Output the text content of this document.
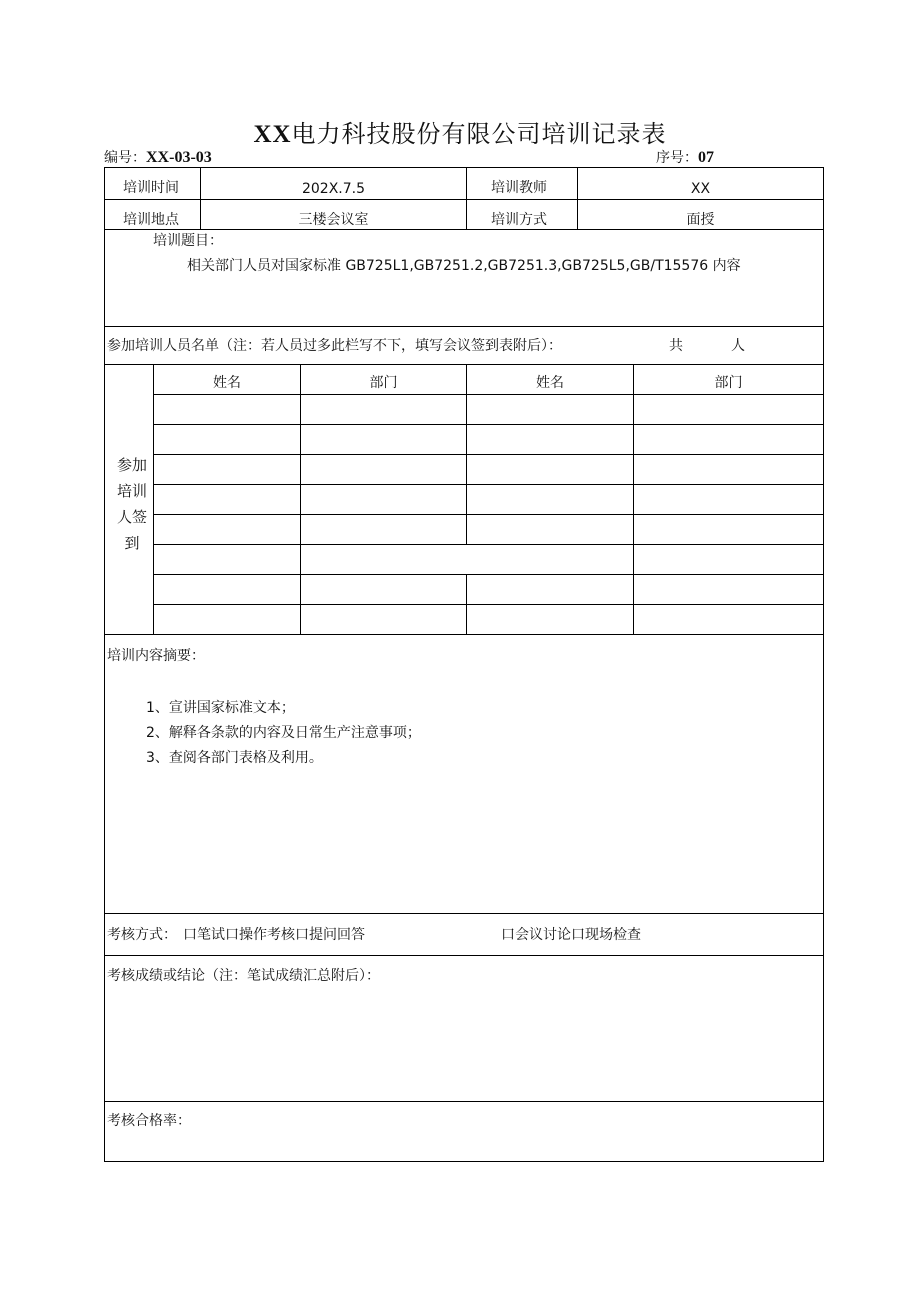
XX电力科技股份有限公司培训记录表
编号：XX-03-03	序号：07
培训时间	202X.7.5	培训教师	XX
培训地点	三楼会议室	培训方式	面授
培训题目：
相关部门人员对国家标准 GB725L1,GB7251.2,GB7251.3,GB725L5,GB/T15576 内容
参加培训人员名单（注：若人员过多此栏写不下，填写会议签到表附后）：	共	人
参加
培训
人签
到
姓名	部门	姓名	部门
培训内容摘要：
1、宣讲国家标准文本；
2、解释各条款的内容及日常生产注意事项；
3、查阅各部门表格及利用。
考核方式： 口笔试口操作考核口提问回答	口会议讨论口现场检查
考核成绩或结论（注：笔试成绩汇总附后）：
考核合格率：
